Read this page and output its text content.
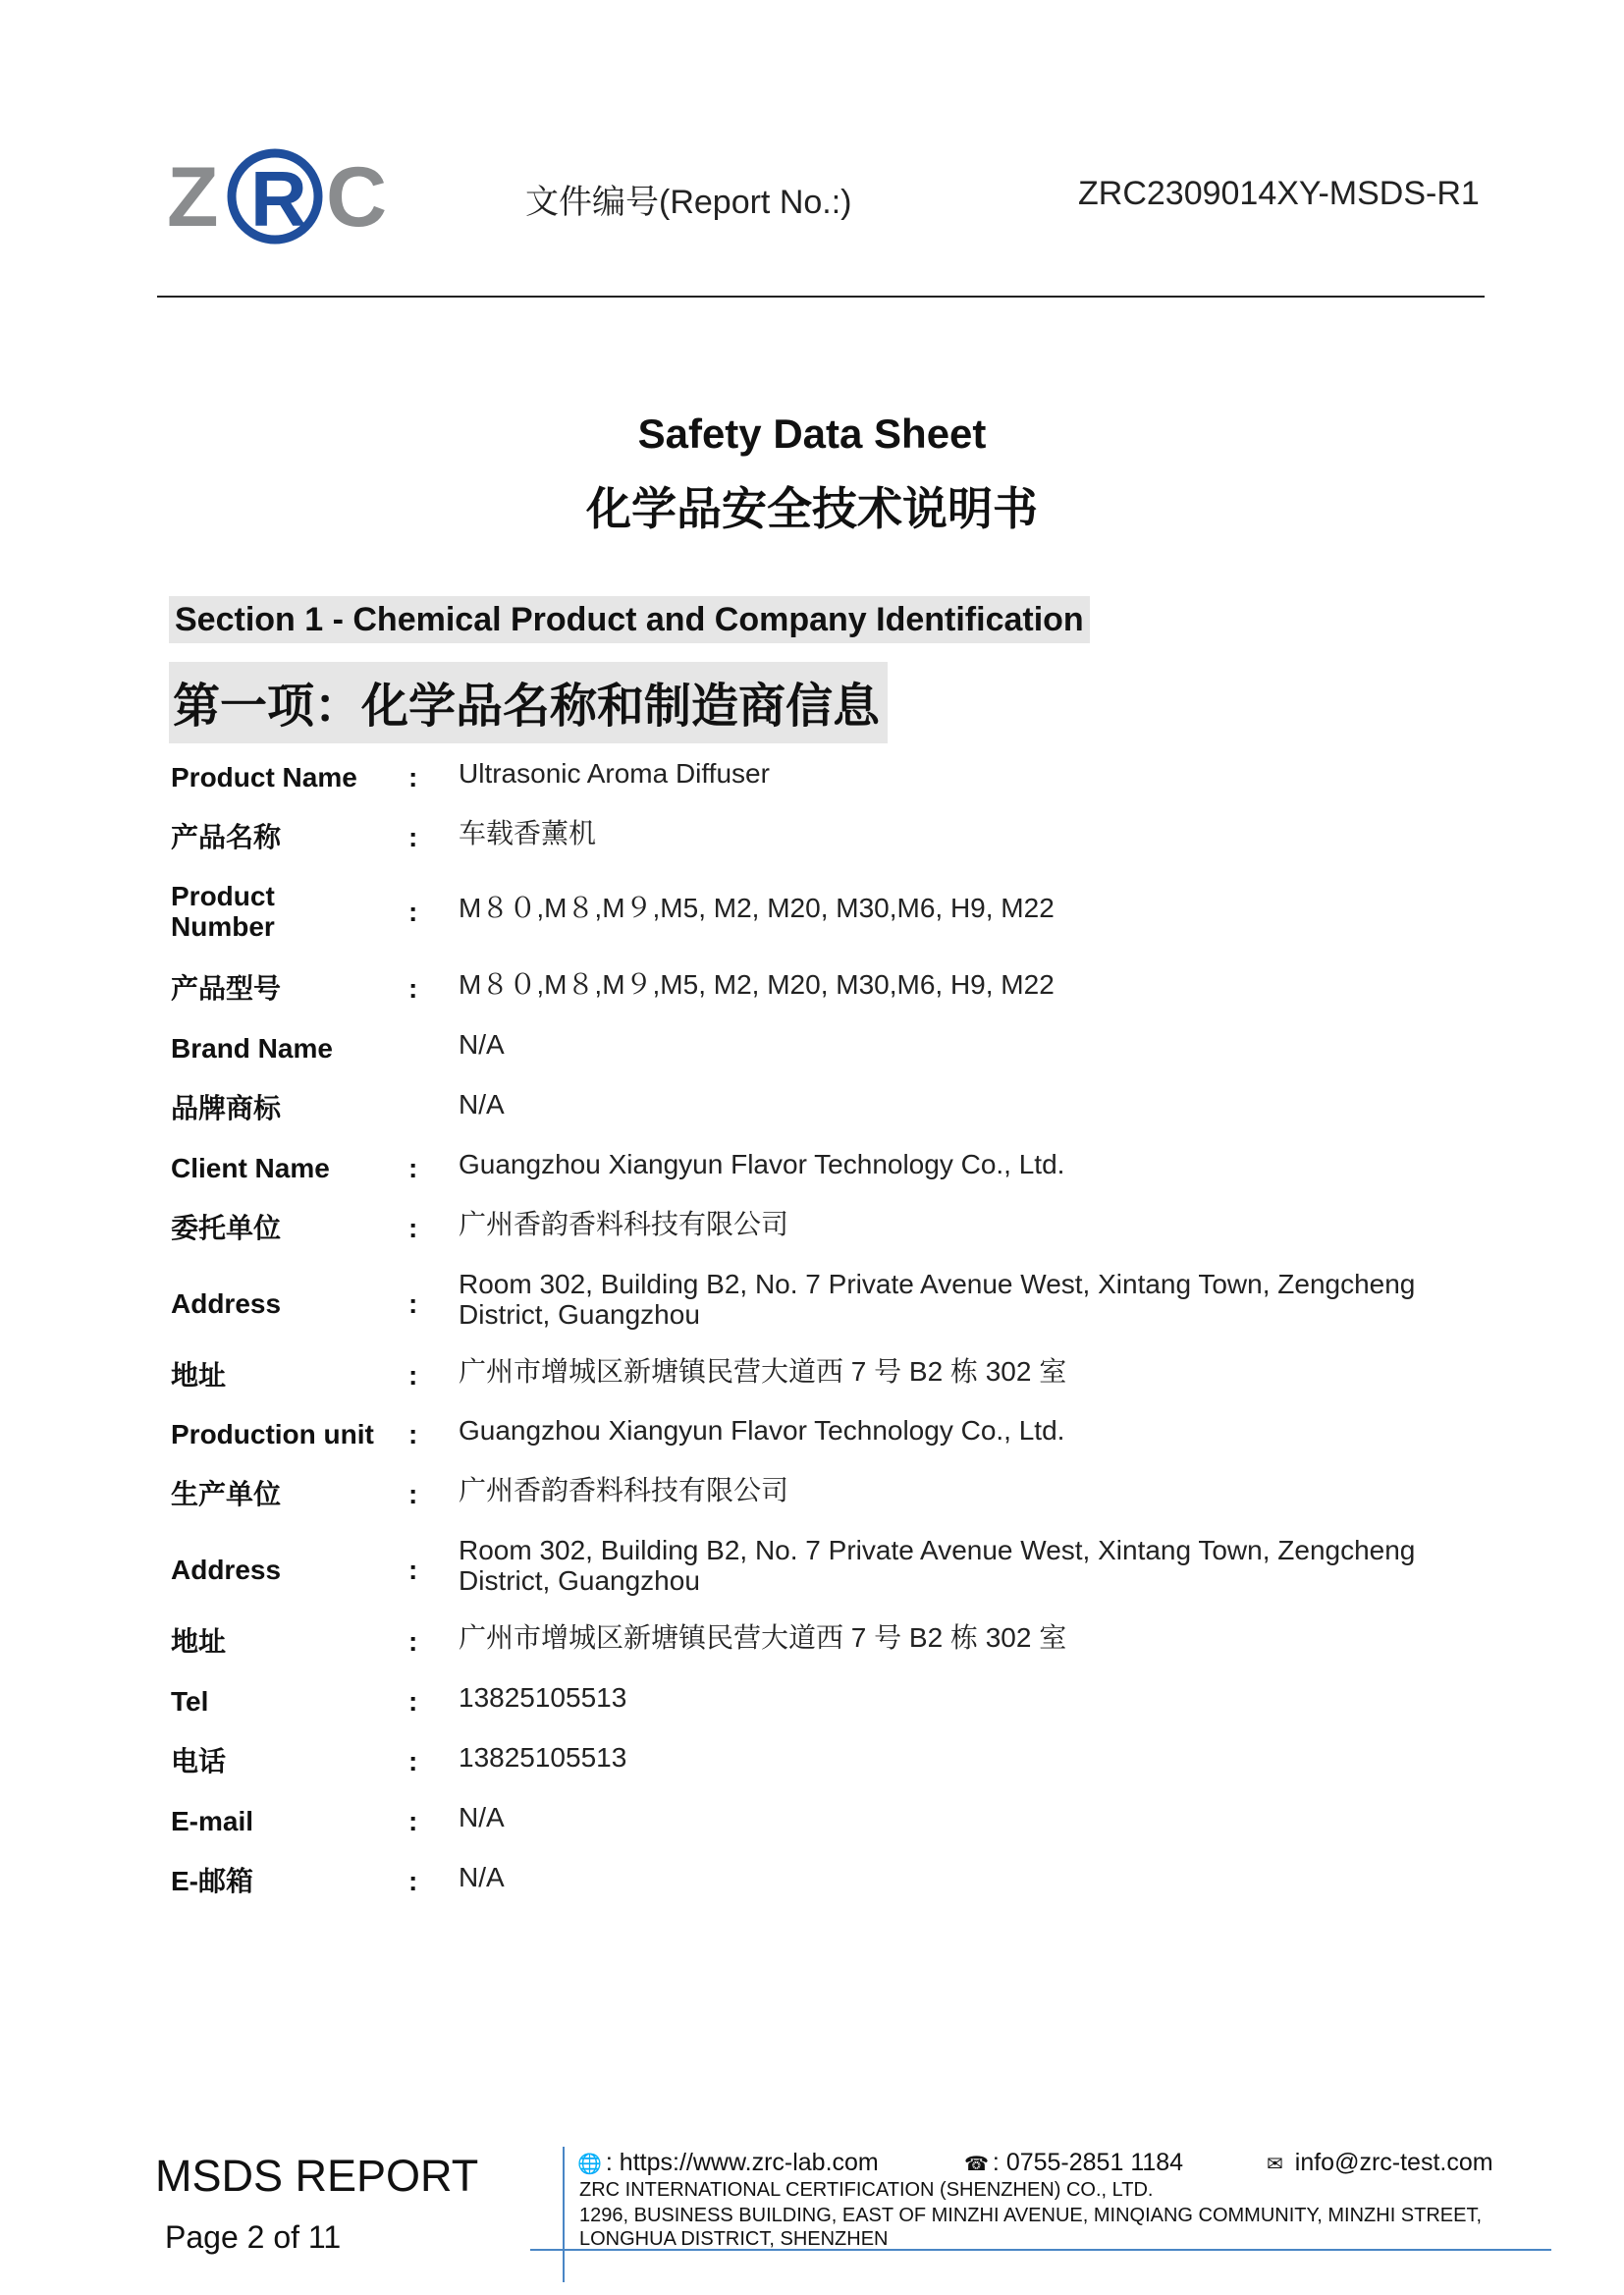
Z R C	文件编号(Report No.:)	ZRC2309014XY-MSDS-R1
Safety Data Sheet
化学品安全技术说明书
Section 1 - Chemical Product and Company Identification
第一项：化学品名称和制造商信息
Product Name : Ultrasonic Aroma Diffuser
产品名称	: 车载香薰机
Product Number	: M８０,M８,M９,M5, M2, M20, M30,M6, H9, M22
产品型号	: M８０,M８,M９,M5, M2, M20, M30,M6, H9, M22
Brand Name	N/A
品牌商标	N/A
Client Name	: Guangzhou Xiangyun Flavor Technology Co., Ltd.
委托单位	: 广州香韵香料科技有限公司
Address	:
Room 302, Building B2, No. 7 Private Avenue West, Xintang Town, Zengcheng District, Guangzhou
地址	: 广州市增城区新塘镇民营大道西 7 号 B2 栋 302 室
Production unit : Guangzhou Xiangyun Flavor Technology Co., Ltd.
生产单位	: 广州香韵香料科技有限公司
Address	:
Room 302, Building B2, No. 7 Private Avenue West, Xintang Town, Zengcheng District, Guangzhou
地址	: 广州市增城区新塘镇民营大道西 7 号 B2 栋 302 室
Tel	: 13825105513
电话	: 13825105513
E-mail	: N/A
E-邮箱	: N/A
MSDS REPORT
Page 2 of 11
🌐 : https://www.zrc-lab.com	☎ : 0755-2851 1184	✉ info@zrc-test.com
ZRC INTERNATIONAL CERTIFICATION (SHENZHEN) CO., LTD.
1296, BUSINESS BUILDING, EAST OF MINZHI AVENUE, MINQIANG COMMUNITY, MINZHI STREET,
LONGHUA DISTRICT, SHENZHEN
